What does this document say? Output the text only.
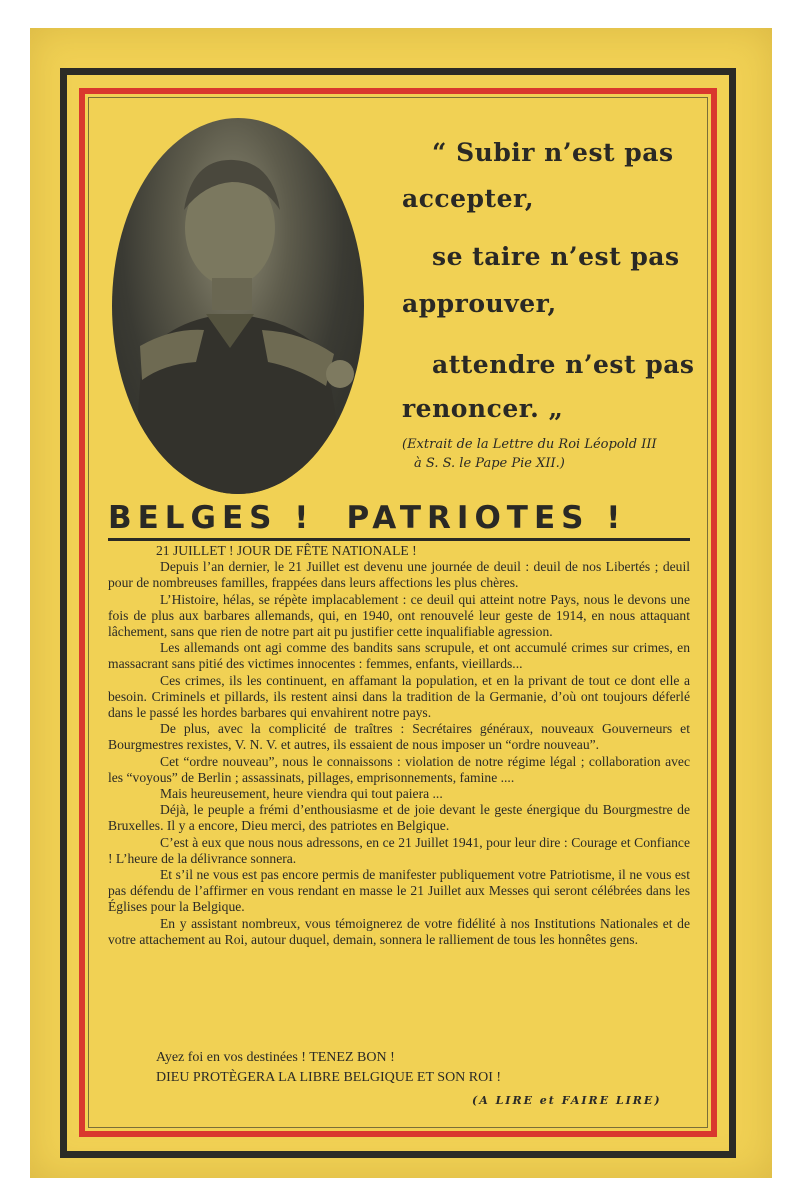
“ Subir n’est pas
accepter,
se taire n’est pas
approuver,
attendre n’est pas
renoncer. „
(Extrait de la Lettre du Roi Léopold III
à S. S. le Pape Pie XII.)
BELGES ! PATRIOTES !

21 JUILLET ! JOUR DE FÊTE NATIONALE !

Depuis l’an dernier, le 21 Juillet est devenu une journée de deuil : deuil de nos Libertés ; deuil pour de nombreuses familles, frappées dans leurs affections les plus chères.

L’Histoire, hélas, se répète implacablement : ce deuil qui atteint notre Pays, nous le devons une fois de plus aux barbares allemands, qui, en 1940, ont renouvelé leur geste de 1914, en nous attaquant lâchement, sans que rien de notre part ait pu justifier cette inqualifiable agression.

Les allemands ont agi comme des bandits sans scrupule, et ont accumulé crimes sur crimes, en massacrant sans pitié des victimes innocentes : femmes, enfants, vieillards...

Ces crimes, ils les continuent, en affamant la population, et en la privant de tout ce dont elle a besoin. Criminels et pillards, ils restent ainsi dans la tradition de la Germanie, d’où ont toujours déferlé dans le passé les hordes barbares qui envahirent notre pays.

De plus, avec la complicité de traîtres : Secrétaires généraux, nouveaux Gouverneurs et Bourgmestres rexistes, V. N. V. et autres, ils essaient de nous imposer un “ordre nouveau”.

Cet “ordre nouveau”, nous le connaissons : violation de notre régime légal ; collaboration avec les “voyous” de Berlin ; assassinats, pillages, emprisonnements, famine ....

Mais heureusement, heure viendra qui tout paiera ...

Déjà, le peuple a frémi d’enthousiasme et de joie devant le geste énergique du Bourgmestre de Bruxelles. Il y a encore, Dieu merci, des patriotes en Belgique.

C’est à eux que nous nous adressons, en ce 21 Juillet 1941, pour leur dire : Courage et Confiance ! L’heure de la délivrance sonnera.

Et s’il ne vous est pas encore permis de manifester publiquement votre Patriotisme, il ne vous est pas défendu de l’affirmer en vous rendant en masse le 21 Juillet aux Messes qui seront célébrées dans les Églises pour la Belgique.

En y assistant nombreux, vous témoignerez de votre fidélité à nos Institutions Nationales et de votre attachement au Roi, autour duquel, demain, sonnera le ralliement de tous les honnêtes gens.

Ayez foi en vos destinées ! TENEZ BON !
DIEU PROTÈGERA LA LIBRE BELGIQUE ET SON ROI !
(A LIRE et FAIRE LIRE)
